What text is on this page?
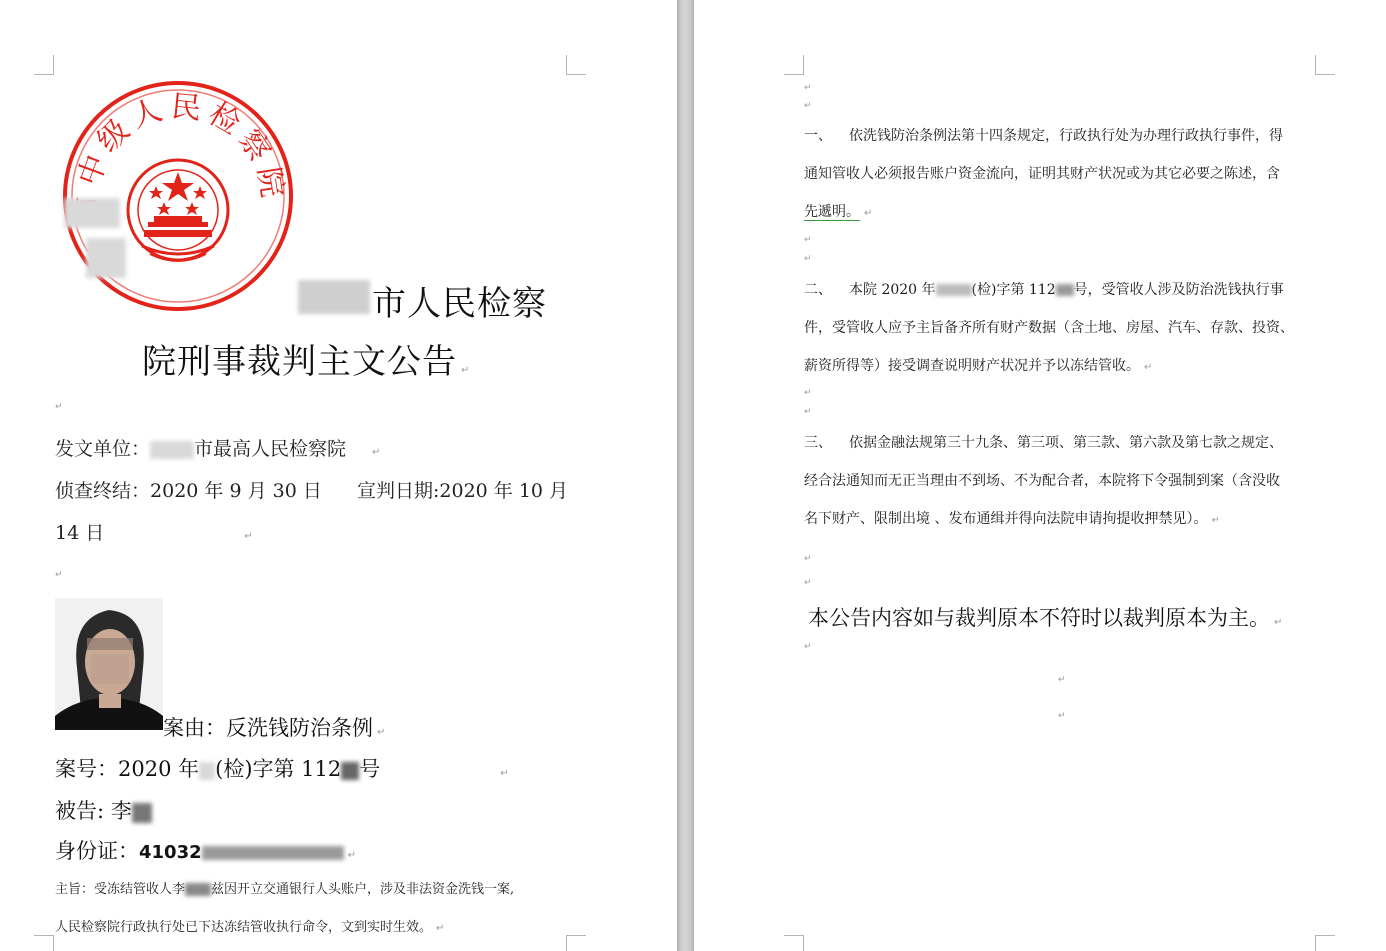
中级人民检察院
市人民检察
院刑事裁判主文公告 ↵
↵
发文单位： 市最高人民检察院	↵
侦查终结：2020 年 9 月 30 日 宣判日期:2020 年 10 月
14 日	↵
↵
案由：反洗钱防治条例 ↵
案号：2020 年 (检)字第 112 号	↵
被告: 李
身份证：41032	↵
主旨：受冻结管收人李 兹因开立交通银行人头账户，涉及非法资金洗钱一案,
人民检察院行政执行处已下达冻结管收执行命令，文到实时生效。 ↵
↵
↵
一、 依洗钱防治条例法第十四条规定，行政执行处为办理行政执行事件，得
通知管收人必须报告账户资金流向，证明其财产状况或为其它必要之陈述，含
先遞明。 ↵
↵
↵
二、 本院 2020 年	(检)字第 112 号，受管收人涉及防治洗钱执行事
件，受管收人应予主旨备齐所有财产数据（含土地、房屋、汽车、存款、投资、
薪资所得等）接受调查说明财产状况并予以冻结管收。 ↵
↵
↵
三、 依据金融法规第三十九条、第三项、第三款、第六款及第七款之规定、
经合法通知而无正当理由不到场、不为配合者，本院将下令强制到案（含没收
名下财产、限制出境 、发布通缉并得向法院申请拘提收押禁见）。 ↵
↵
↵
本公告内容如与裁判原本不符时以裁判原本为主。 ↵
↵
↵
↵
